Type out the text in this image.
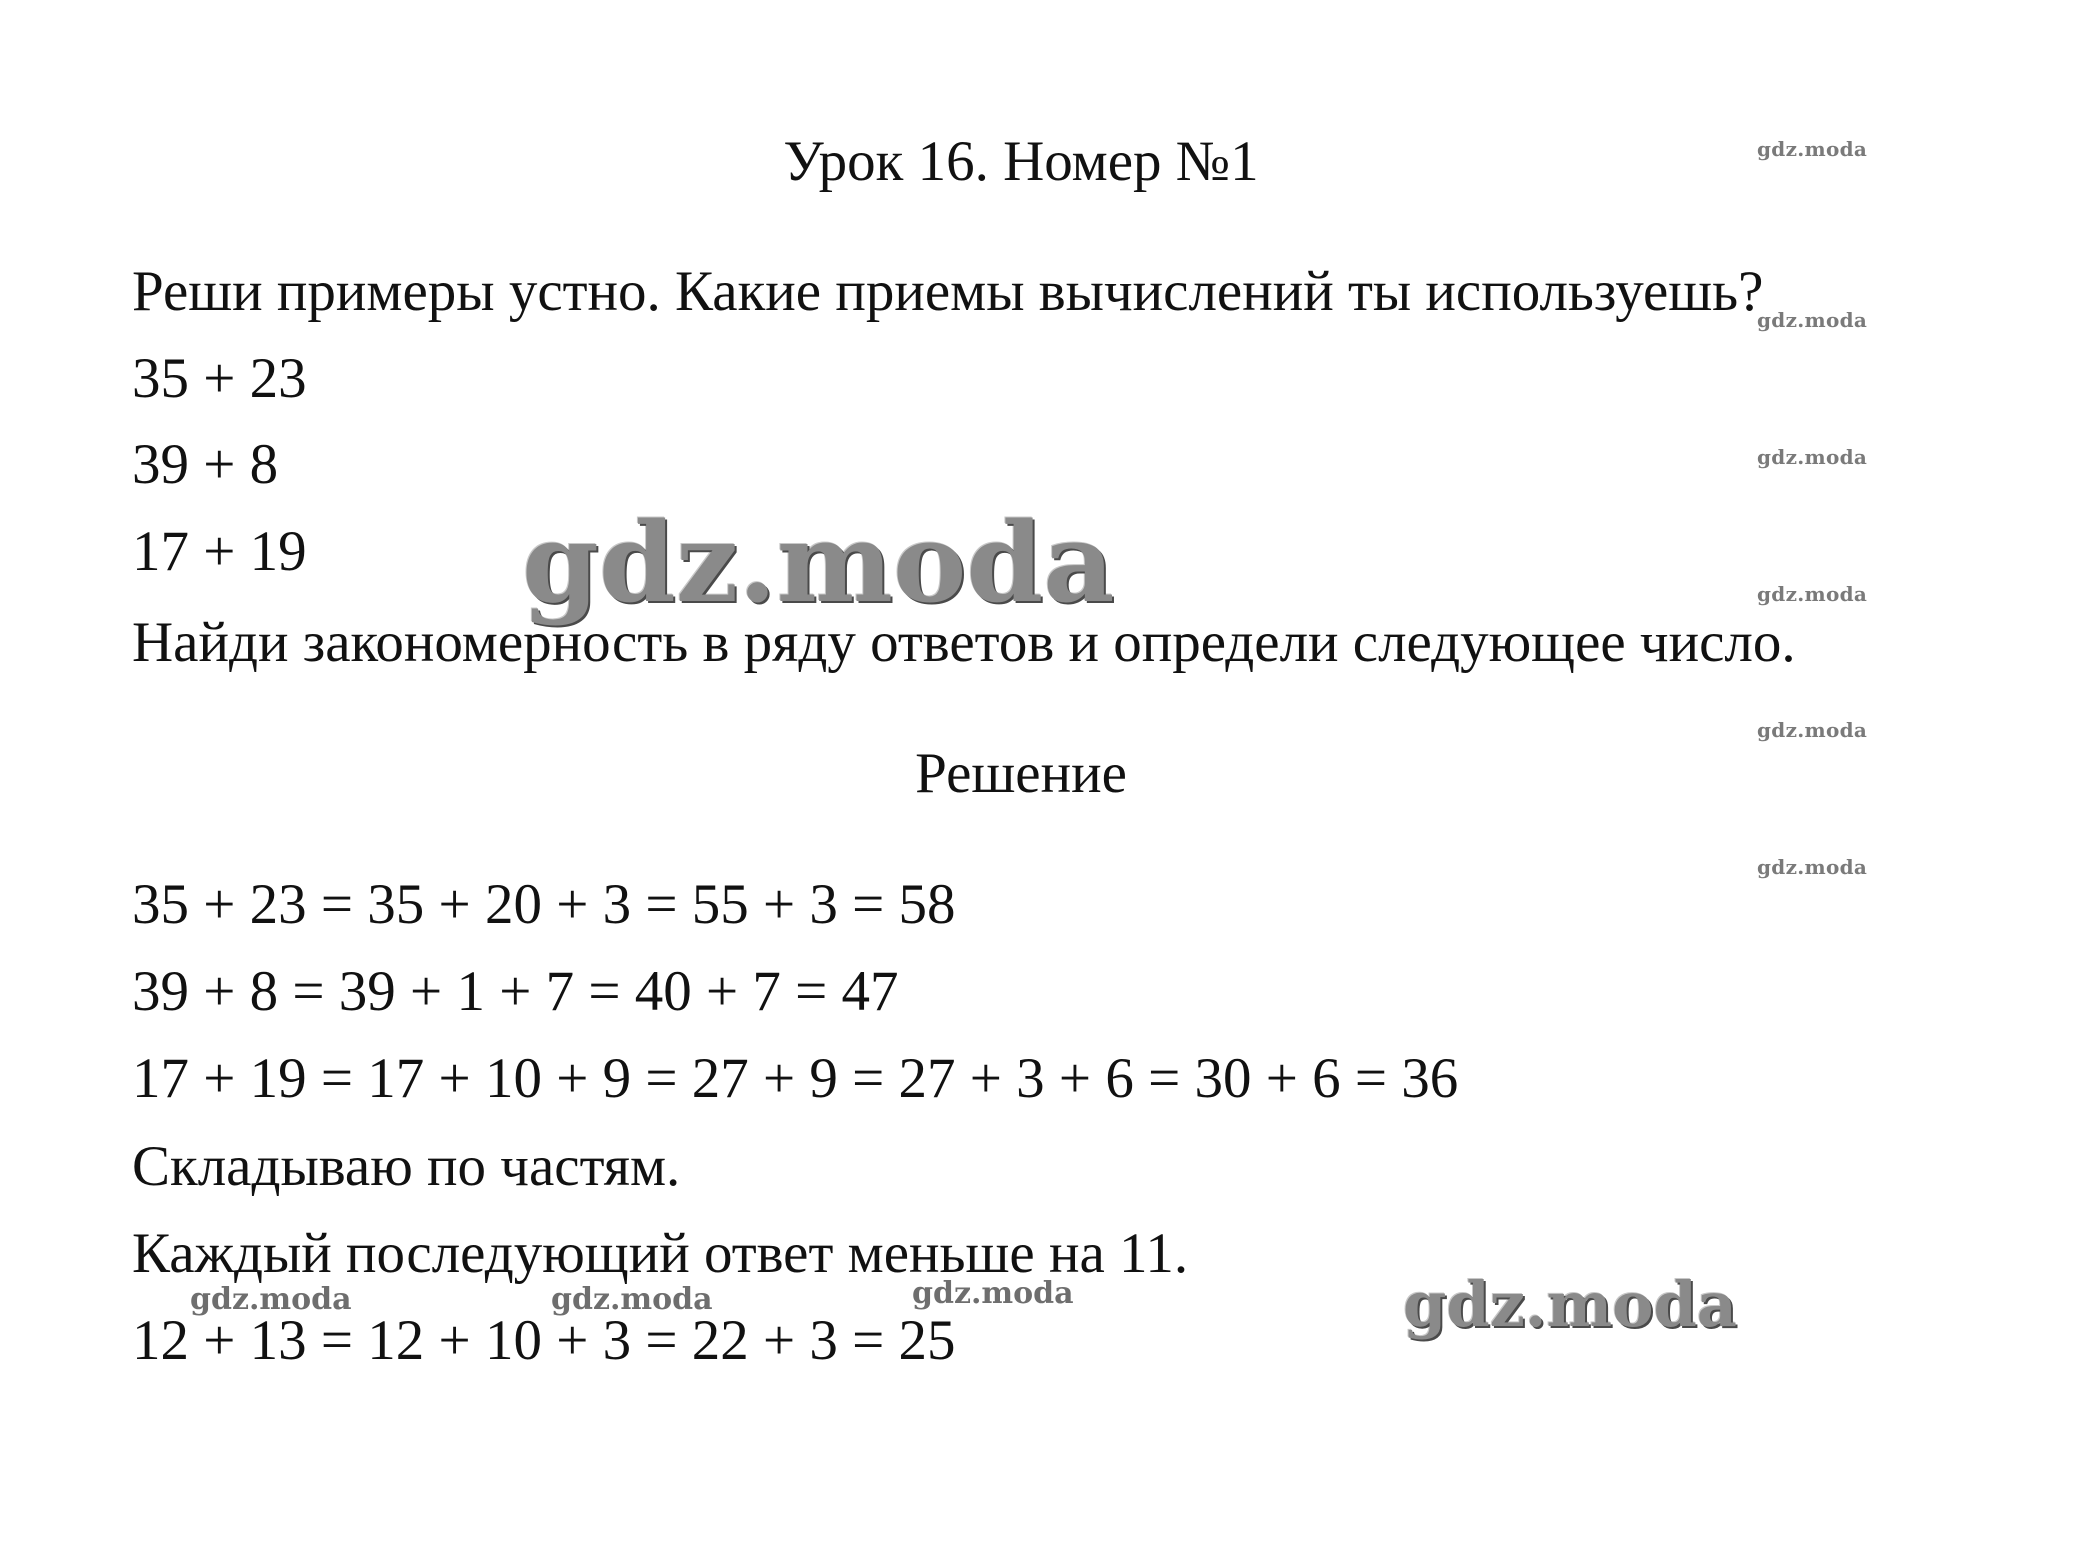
Урок 16. Номер №1
Реши примеры устно. Какие приемы вычислений ты используешь?
35 + 23
39 + 8
17 + 19
Найди закономерность в ряду ответов и определи следующее число.
Решение
35 + 23 = 35 + 20 + 3 = 55 + 3 = 58
39 + 8 = 39 + 1 + 7 = 40 + 7 = 47
17 + 19 = 17 + 10 + 9 = 27 + 9 = 27 + 3 + 6 = 30 + 6 = 36
Складываю по частям.
Каждый последующий ответ меньше на 11.
12 + 13 = 12 + 10 + 3 = 22 + 3 = 25
gdz.moda
gdz.moda
gdz.moda
gdz.moda
gdz.moda
gdz.moda
gdz.moda	gdz.moda	gdz.moda
gdz.moda
gdz.moda
